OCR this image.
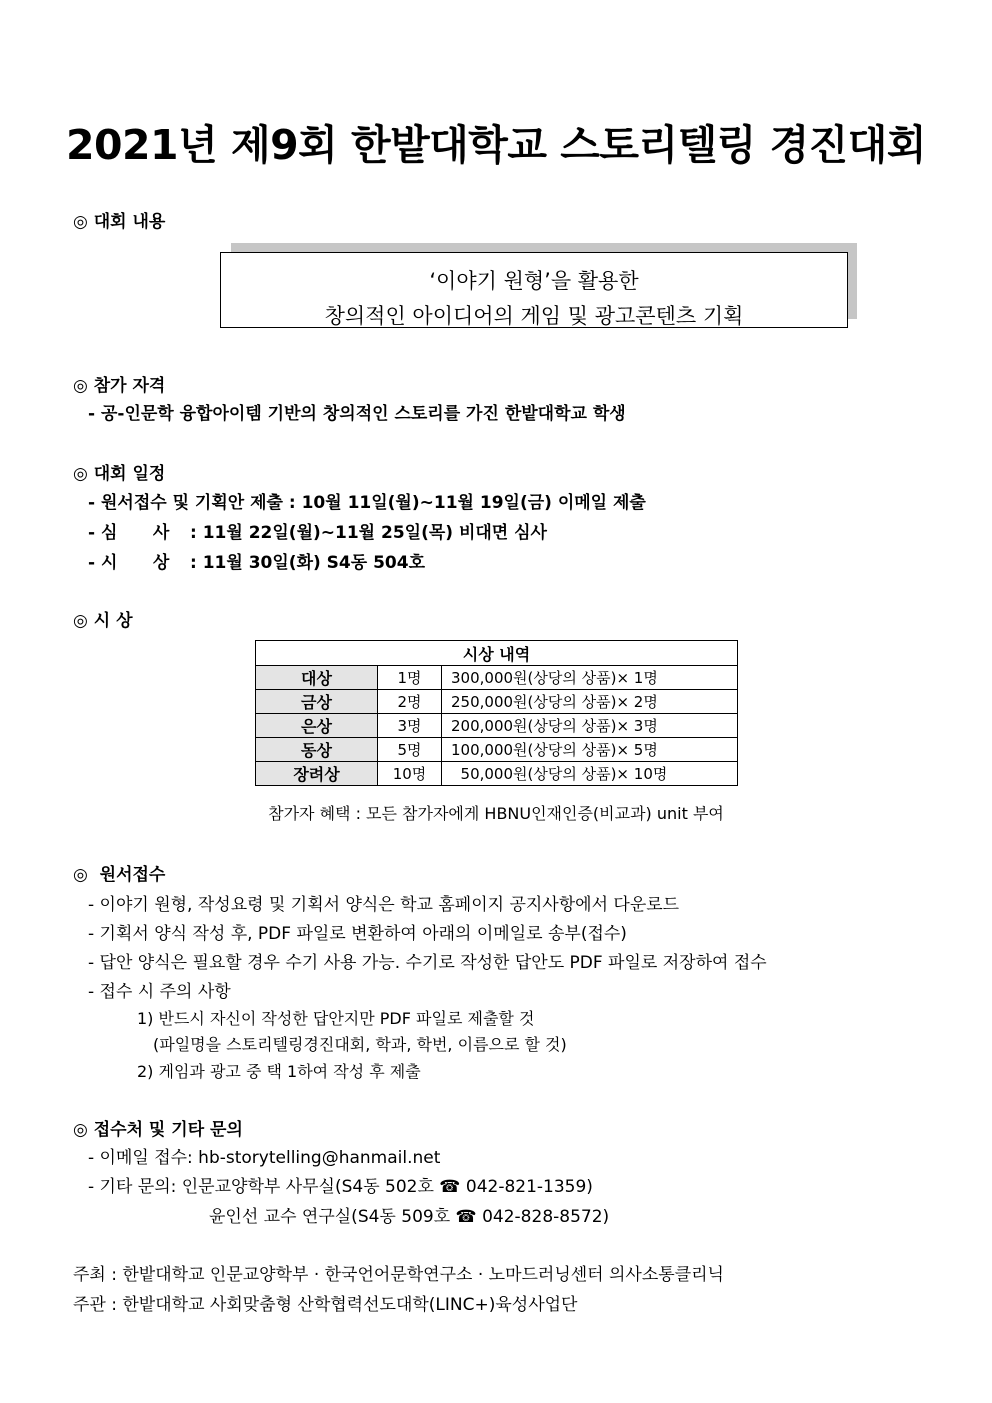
2021년 제9회 한밭대학교 스토리텔링 경진대회
◎ 대회 내용
‘이야기 원형’을 활용한
창의적인 아이디어의 게임 및 광고콘텐츠 기획
◎ 참가 자격
- 공-인문학 융합아이템 기반의 창의적인 스토리를 가진 한밭대학교 학생
◎ 대회 일정
- 원서접수 및 기획안 제출 : 10월 11일(월)~11월 19일(금) 이메일 제출
- 심      사 : 11월 22일(월)~11월 25일(목) 비대면 심사
- 시      상 : 11월 30일(화) S4동 504호
◎ 시 상
시상 내역		
대상	1명	300,000원(상당의 상품)× 1명
금상	2명	250,000원(상당의 상품)× 2명
은상	3명	200,000원(상당의 상품)× 3명
동상	5명	100,000원(상당의 상품)× 5명
장려상	10명	50,000원(상당의 상품)× 10명
참가자 혜택 : 모든 참가자에게 HBNU인재인증(비교과) unit 부여
◎  원서접수
- 이야기 원형, 작성요령 및 기획서 양식은 학교 홈페이지 공지사항에서 다운로드
- 기획서 양식 작성 후, PDF 파일로 변환하여 아래의 이메일로 송부(접수)
- 답안 양식은 필요할 경우 수기 사용 가능. 수기로 작성한 답안도 PDF 파일로 저장하여 접수
- 접수 시 주의 사항
1) 반드시 자신이 작성한 답안지만 PDF 파일로 제출할 것
(파일명을 스토리텔링경진대회, 학과, 학번, 이름으로 할 것)
2) 게임과 광고 중 택 1하여 작성 후 제출
◎ 접수처 및 기타 문의
- 이메일 접수: hb-storytelling@hanmail.net
- 기타 문의: 인문교양학부 사무실(S4동 502호 ☎ 042-821-1359)
윤인선 교수 연구실(S4동 509호 ☎ 042-828-8572)
주최 : 한밭대학교 인문교양학부 · 한국언어문학연구소 · 노마드러닝센터 의사소통클리닉
주관 : 한밭대학교 사회맞춤형 산학협력선도대학(LINC+)육성사업단
